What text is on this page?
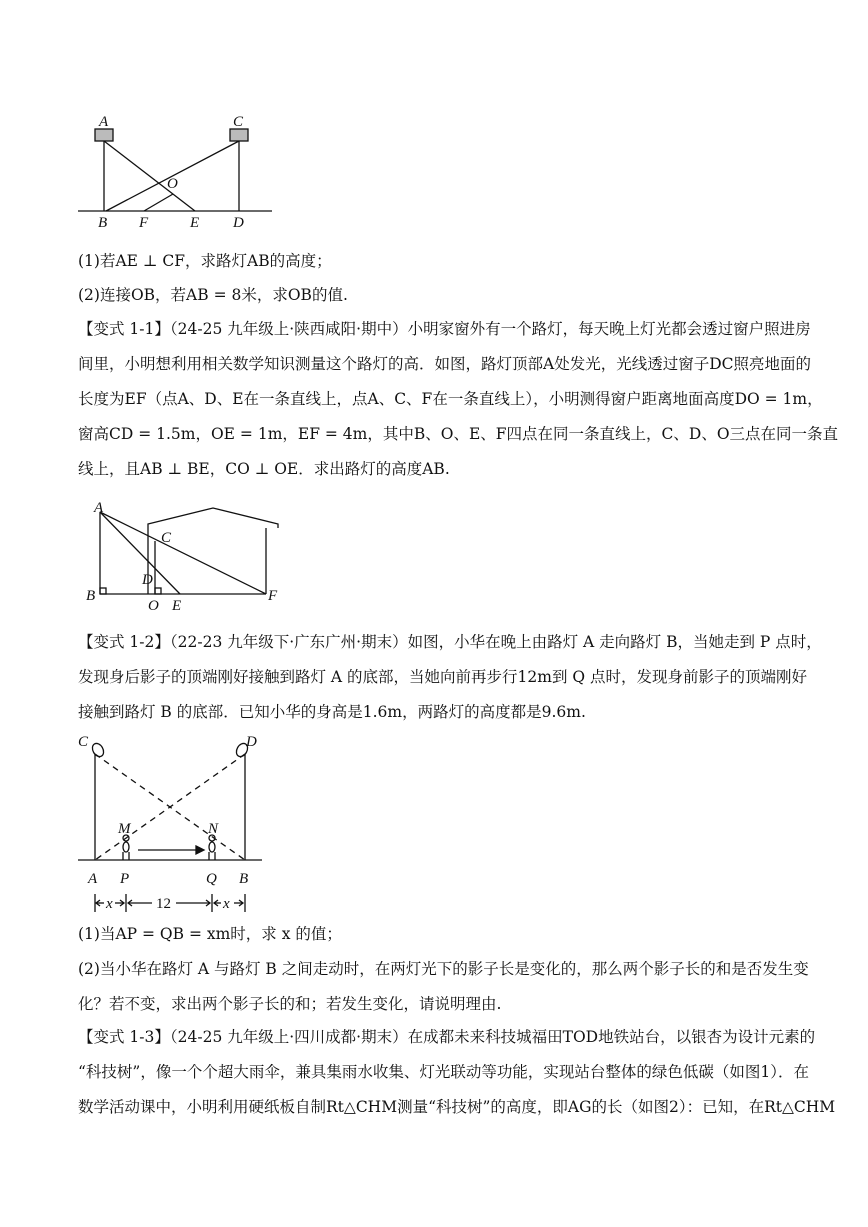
A	C
O
B F	E D
(1)若AE ⊥ CF，求路灯AB的高度；
(2)连接OB，若AB = 8米，求OB的值.
【变式 1-1】（24-25 九年级上·陕西咸阳·期中）小明家窗外有一个路灯，每天晚上灯光都会透过窗户照进房
间里，小明想利用相关数学知识测量这个路灯的高．如图，路灯顶部A处发光，光线透过窗子DC照亮地面的
长度为EF（点A、D、E在一条直线上，点A、C、F在一条直线上），小明测得窗户距离地面高度DO = 1m，
窗高CD = 1.5m，OE = 1m，EF = 4m，其中B、O、E、F四点在同一条直线上，C、D、O三点在同一条直
线上，且AB ⊥ BE，CO ⊥ OE．求出路灯的高度AB.
A
C
D
B
O E
F
【变式 1-2】（22-23 九年级下·广东广州·期末）如图，小华在晚上由路灯 A 走向路灯 B，当她走到 P 点时，
发现身后影子的顶端刚好接触到路灯 A 的底部，当她向前再步行12m到 Q 点时，发现身前影子的顶端刚好
接触到路灯 B 的底部．已知小华的身高是1.6m，两路灯的高度都是9.6m.
C	D
M	N
A P	Q B
x	12	x
(1)当AP = QB = xm时，求 x 的值；
(2)当小华在路灯 A 与路灯 B 之间走动时，在两灯光下的影子长是变化的，那么两个影子长的和是否发生变
化？若不变，求出两个影子长的和；若发生变化，请说明理由.
【变式 1-3】（24-25 九年级上·四川成都·期末）在成都未来科技城福田TOD地铁站台，以银杏为设计元素的
“科技树”，像一个个超大雨伞，兼具集雨水收集、灯光联动等功能，实现站台整体的绿色低碳（如图1）．在
数学活动课中，小明利用硬纸板自制Rt△CHM测量“科技树”的高度，即AG的长（如图2）：已知，在Rt△CHM
